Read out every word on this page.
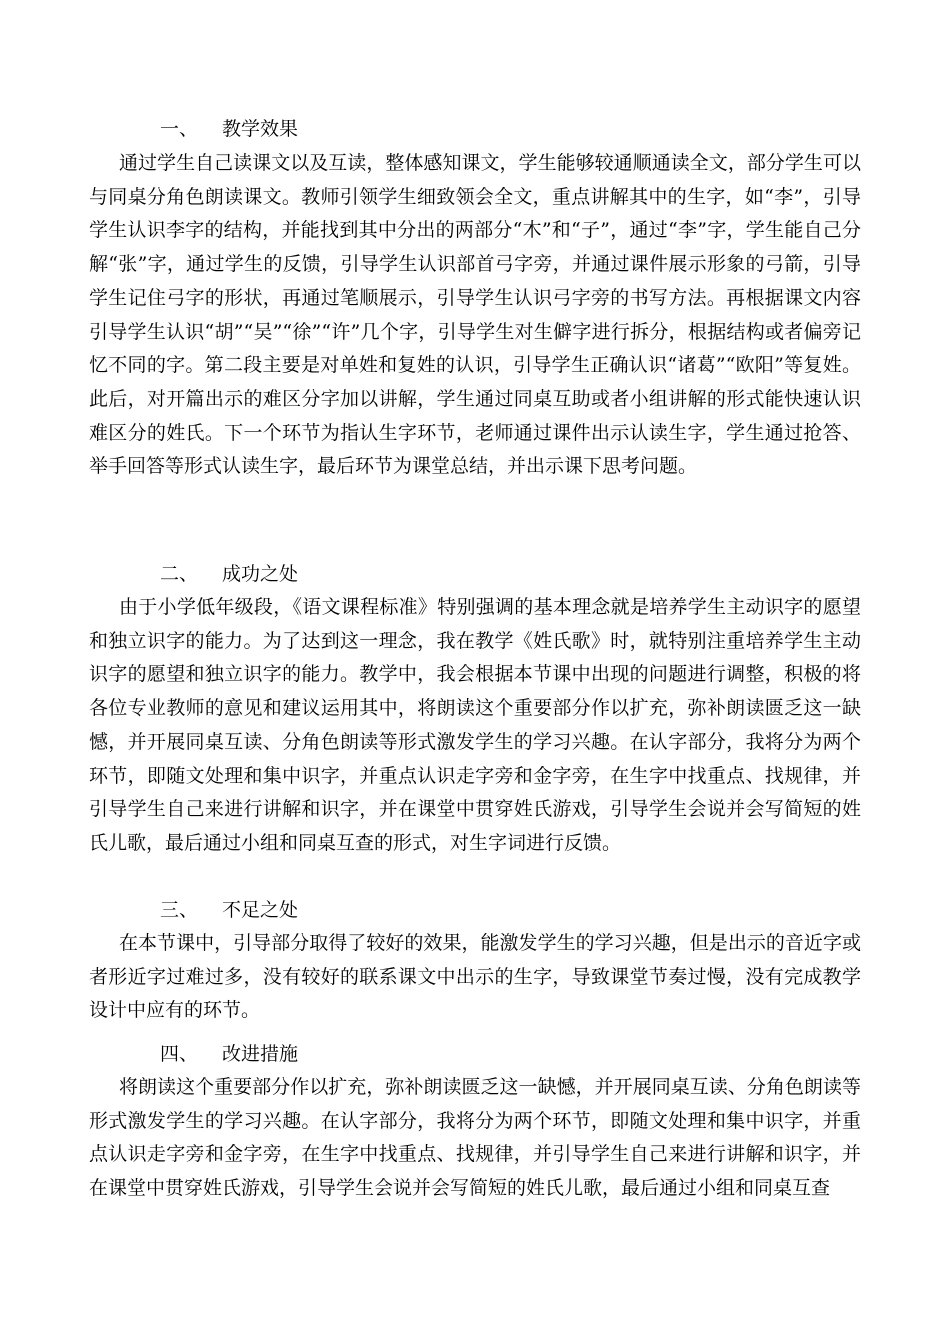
一、 教学效果

通过学生自己读课文以及互读，整体感知课文，学生能够较通顺通读全文，部分学生可以与同桌分角色朗读课文。教师引领学生细致领会全文，重点讲解其中的生字，如“李”，引导学生认识李字的结构，并能找到其中分出的两部分“木”和“子”，通过“李”字，学生能自己分解“张”字，通过学生的反馈，引导学生认识部首弓字旁，并通过课件展示形象的弓箭，引导学生记住弓字的形状，再通过笔顺展示，引导学生认识弓字旁的书写方法。再根据课文内容引导学生认识“胡”“吴”“徐”“许”几个字，引导学生对生僻字进行拆分，根据结构或者偏旁记忆不同的字。第二段主要是对单姓和复姓的认识，引导学生正确认识“诸葛”“欧阳”等复姓。此后，对开篇出示的难区分字加以讲解，学生通过同桌互助或者小组讲解的形式能快速认识难区分的姓氏。下一个环节为指认生字环节，老师通过课件出示认读生字，学生通过抢答、举手回答等形式认读生字，最后环节为课堂总结，并出示课下思考问题。

二、 成功之处

由于小学低年级段，《语文课程标准》特别强调的基本理念就是培养学生主动识字的愿望和独立识字的能力。为了达到这一理念，我在教学《姓氏歌》时，就特别注重培养学生主动识字的愿望和独立识字的能力。教学中，我会根据本节课中出现的问题进行调整，积极的将各位专业教师的意见和建议运用其中，将朗读这个重要部分作以扩充，弥补朗读匮乏这一缺憾，并开展同桌互读、分角色朗读等形式激发学生的学习兴趣。在认字部分，我将分为两个环节，即随文处理和集中识字，并重点认识走字旁和金字旁，在生字中找重点、找规律，并引导学生自己来进行讲解和识字，并在课堂中贯穿姓氏游戏，引导学生会说并会写简短的姓氏儿歌，最后通过小组和同桌互查的形式，对生字词进行反馈。

三、 不足之处

在本节课中，引导部分取得了较好的效果，能激发学生的学习兴趣，但是出示的音近字或者形近字过难过多，没有较好的联系课文中出示的生字，导致课堂节奏过慢，没有完成教学设计中应有的环节。

四、 改进措施

将朗读这个重要部分作以扩充，弥补朗读匮乏这一缺憾，并开展同桌互读、分角色朗读等形式激发学生的学习兴趣。在认字部分，我将分为两个环节，即随文处理和集中识字，并重点认识走字旁和金字旁，在生字中找重点、找规律，并引导学生自己来进行讲解和识字，并在课堂中贯穿姓氏游戏，引导学生会说并会写简短的姓氏儿歌，最后通过小组和同桌互查
